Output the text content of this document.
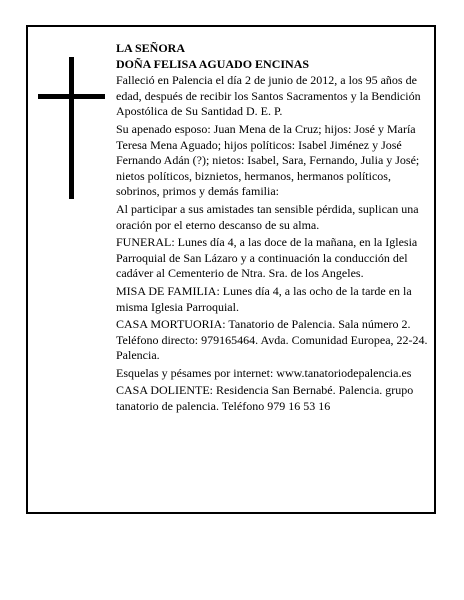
LA SEÑORA

DOÑA FELISA AGUADO ENCINAS

Falleció en Palencia el día 2 de junio de 2012, a los 95 años de edad, después de recibir los Santos Sacramentos y la Bendición Apostólica de Su Santidad D. E. P.

Su apenado esposo: Juan Mena de la Cruz; hijos: José y María Teresa Mena Aguado; hijos políticos: Isabel Jiménez y José Fernando Adán (?); nietos: Isabel, Sara, Fernando, Julia y José; nietos políticos, biznietos, hermanos, hermanos políticos, sobrinos, primos y demás familia:

Al participar a sus amistades tan sensible pérdida, suplican una oración por el eterno descanso de su alma.

FUNERAL: Lunes día 4, a las doce de la mañana, en la Iglesia Parroquial de San Lázaro y a continuación la conducción del cadáver al Cementerio de Ntra. Sra. de los Angeles.

MISA DE FAMILIA: Lunes día 4, a las ocho de la tarde en la misma Iglesia Parroquial.

CASA MORTUORIA: Tanatorio de Palencia. Sala número 2. Teléfono directo: 979165464. Avda. Comunidad Europea, 22-24. Palencia.

Esquelas y pésames por internet: www.tanatoriodepalencia.es

CASA DOLIENTE: Residencia San Bernabé. Palencia. grupo tanatorio de palencia. Teléfono 979 16 53 16
